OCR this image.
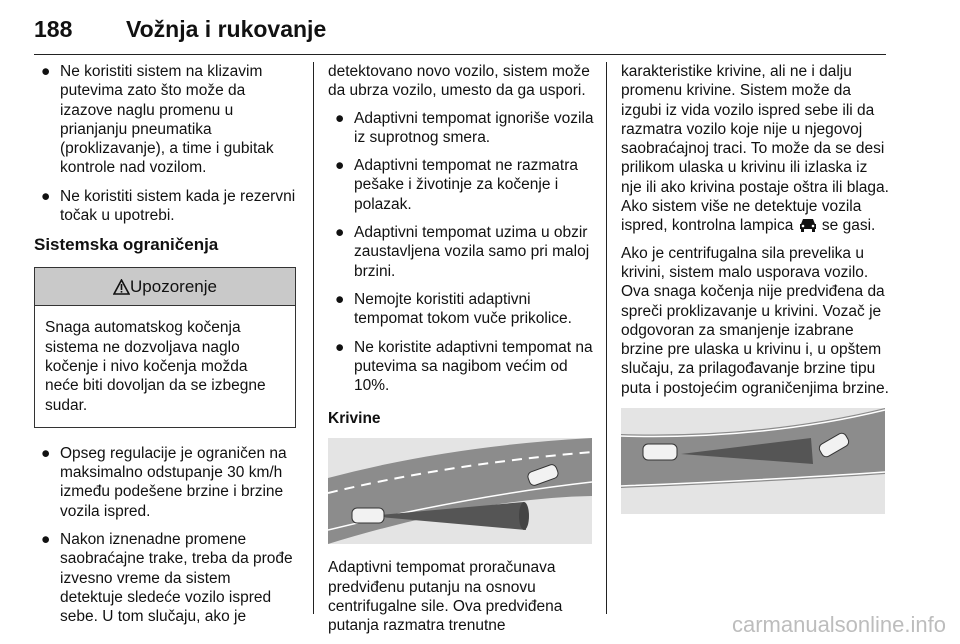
188 Vožnja i rukovanje
● Ne koristiti sistem na klizavim putevima zato što može da izazove naglu promenu u prianjanju pneumatika (proklizavanje), a time i gubitak kontrole nad vozilom.
● Ne koristiti sistem kada je rezervni točak u upotrebi.
Sistemska ograničenja
Upozorenje
Snaga automatskog kočenja sistema ne dozvoljava naglo kočenje i nivo kočenja možda neće biti dovoljan da se izbegne sudar.
● Opseg regulacije je ograničen na maksimalno odstupanje 30 km/h između podešene brzine i brzine vozila ispred.
● Nakon iznenadne promene saobraćajne trake, treba da prođe izvesno vreme da sistem detektuje sledeće vozilo ispred sebe. U tom slučaju, ako je
detektovano novo vozilo, sistem može da ubrza vozilo, umesto da ga uspori.
● Adaptivni tempomat ignoriše vozila iz suprotnog smera.
● Adaptivni tempomat ne razmatra pešake i životinje za kočenje i polazak.
● Adaptivni tempomat uzima u obzir zaustavljena vozila samo pri maloj brzini.
● Nemojte koristiti adaptivni tempomat tokom vuče prikolice.
● Ne koristite adaptivni tempomat na putevima sa nagibom većim od 10%.
Krivine
Adaptivni tempomat proračunava predviđenu putanju na osnovu centrifugalne sile. Ova predviđena putanja razmatra trenutne
karakteristike krivine, ali ne i dalju promenu krivine. Sistem može da izgubi iz vida vozilo ispred sebe ili da razmatra vozilo koje nije u njegovoj saobraćajnoj traci. To može da se desi prilikom ulaska u krivinu ili izlaska iz nje ili ako krivina postaje oštra ili blaga. Ako sistem više ne detektuje vozila ispred, kontrolna lampica  se gasi.
Ako je centrifugalna sila prevelika u krivini, sistem malo usporava vozilo. Ova snaga kočenja nije predviđena da spreči proklizavanje u krivini. Vozač je odgovoran za smanjenje izabrane brzine pre ulaska u krivinu i, u opštem slučaju, za prilagođavanje brzine tipu puta i postojećim ograničenjima brzine.
carmanualsonline.info
